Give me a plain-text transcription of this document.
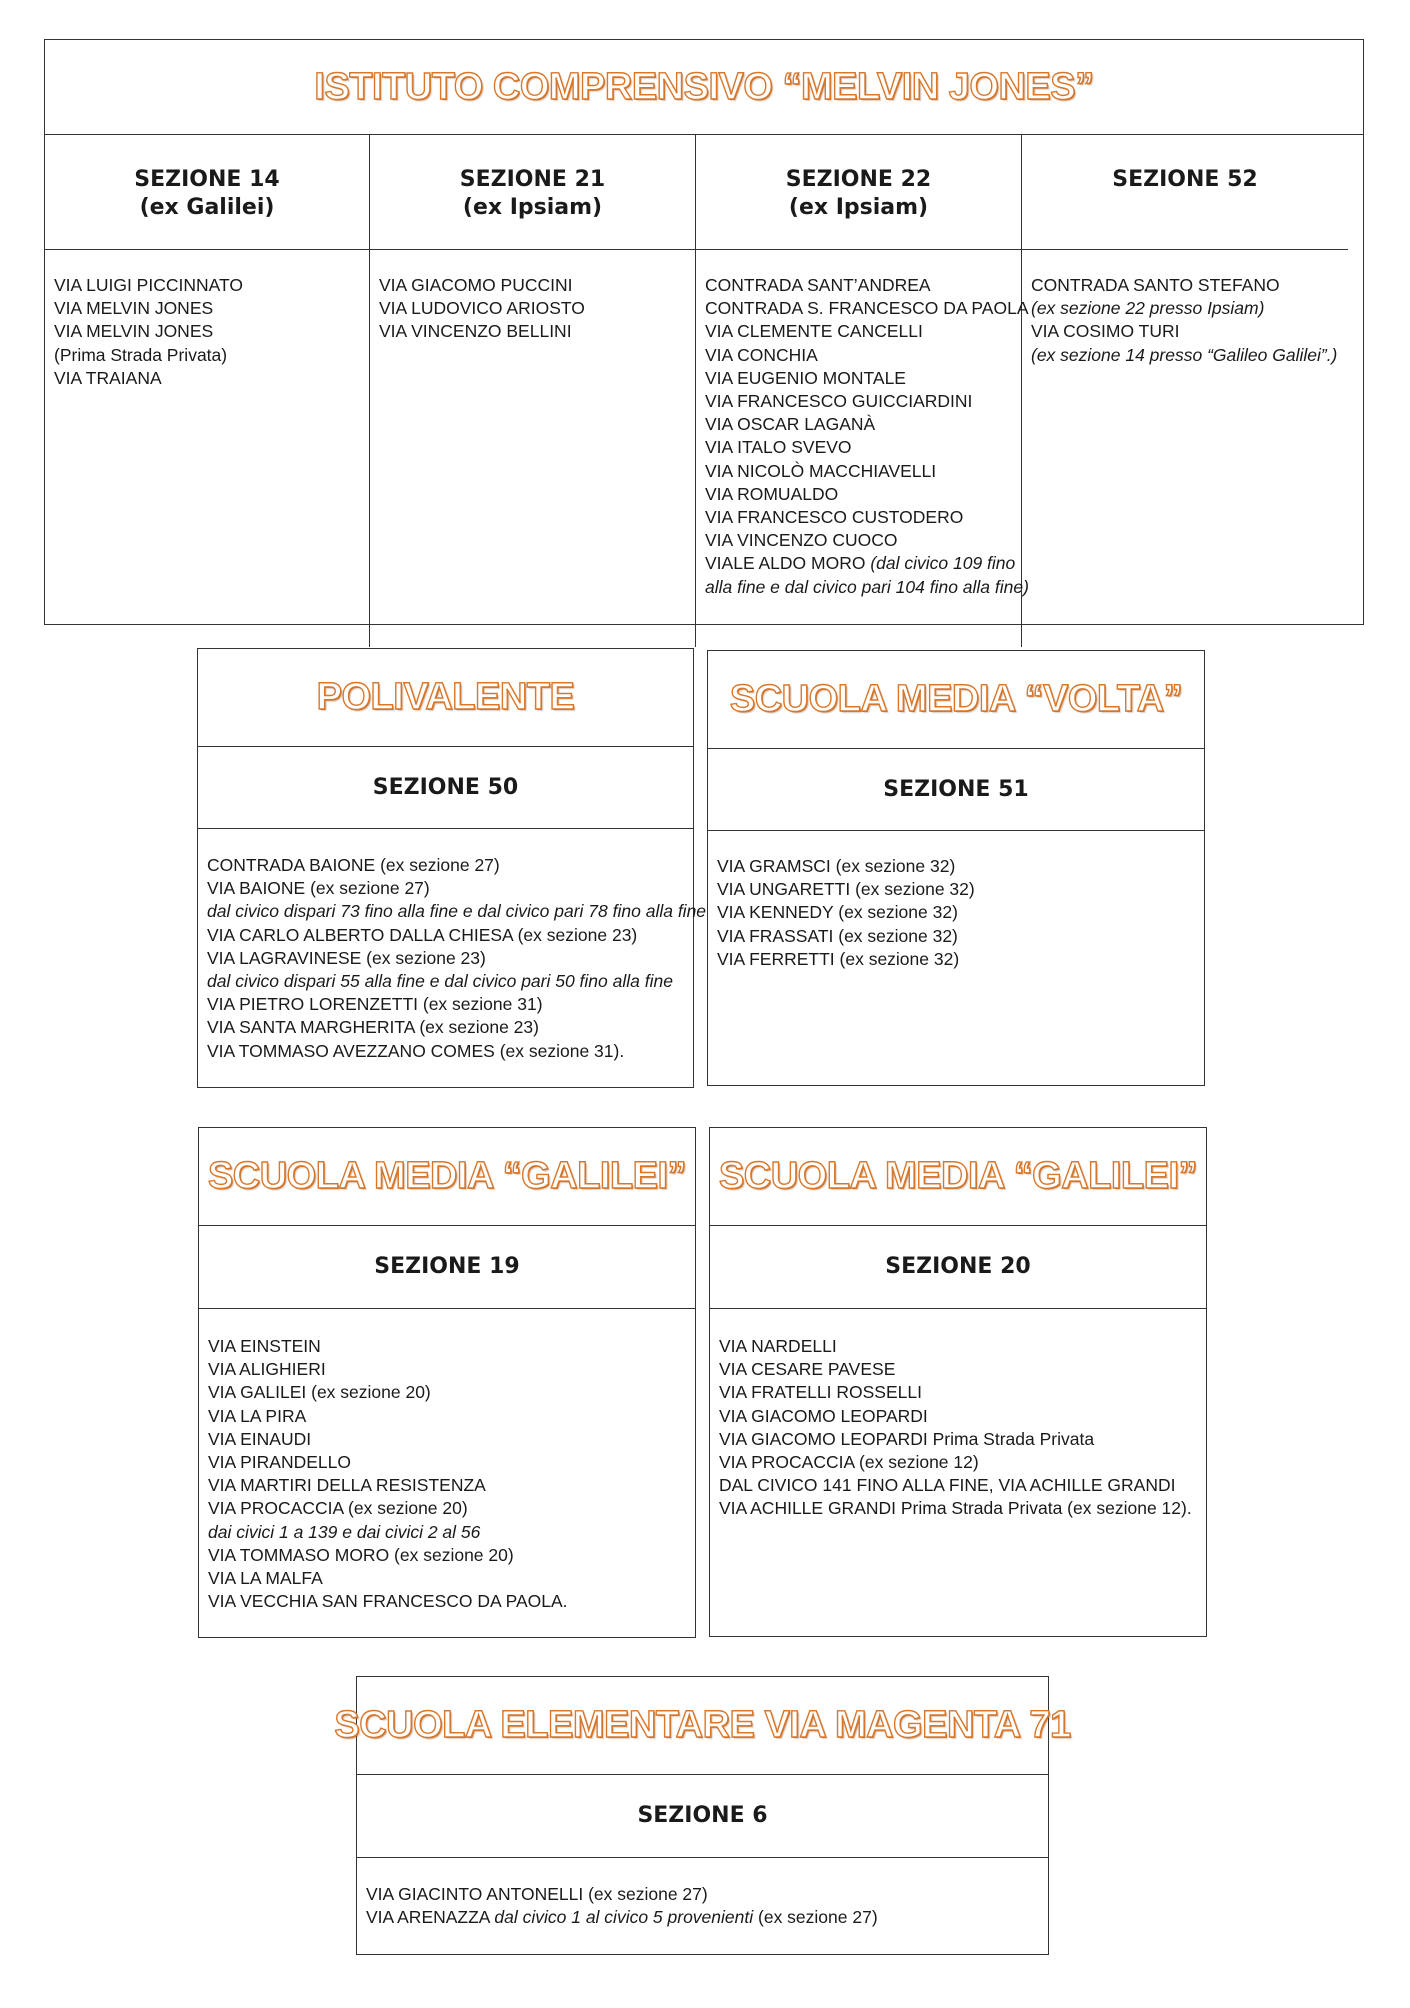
ISTITUTO COMPRENSIVO “MELVIN JONES”
SEZIONE 14
(ex Galilei)
VIA LUIGI PICCINNATO
VIA MELVIN JONES
VIA MELVIN JONES
(Prima Strada Privata)
VIA TRAIANA
SEZIONE 21
(ex Ipsiam)
VIA GIACOMO PUCCINI
VIA LUDOVICO ARIOSTO
VIA VINCENZO BELLINI
SEZIONE 22
(ex Ipsiam)
CONTRADA SANT’ANDREA
CONTRADA S. FRANCESCO DA PAOLA
VIA CLEMENTE CANCELLI
VIA CONCHIA
VIA EUGENIO MONTALE
VIA FRANCESCO GUICCIARDINI
VIA OSCAR LAGANÀ
VIA ITALO SVEVO
VIA NICOLÒ MACCHIAVELLI
VIA ROMUALDO
VIA FRANCESCO CUSTODERO
VIA VINCENZO CUOCO
VIALE ALDO MORO (dal civico 109 fino
alla fine e dal civico pari 104 fino alla fine)
SEZIONE 52
CONTRADA SANTO STEFANO
(ex sezione 22 presso Ipsiam)
VIA COSIMO TURI
(ex sezione 14 presso “Galileo Galilei”.)
POLIVALENTE
SEZIONE 50
CONTRADA BAIONE (ex sezione 27)
VIA BAIONE (ex sezione 27)
dal civico dispari 73 fino alla fine e dal civico pari 78 fino alla fine
VIA CARLO ALBERTO DALLA CHIESA (ex sezione 23)
VIA LAGRAVINESE (ex sezione 23)
dal civico dispari 55 alla fine e dal civico pari 50 fino alla fine
VIA PIETRO LORENZETTI (ex sezione 31)
VIA SANTA MARGHERITA (ex sezione 23)
VIA TOMMASO AVEZZANO COMES (ex sezione 31).
SCUOLA MEDIA “VOLTA”
SEZIONE 51
VIA GRAMSCI (ex sezione 32)
VIA UNGARETTI (ex sezione 32)
VIA KENNEDY (ex sezione 32)
VIA FRASSATI (ex sezione 32)
VIA FERRETTI (ex sezione 32)
SCUOLA MEDIA “GALILEI”
SEZIONE 19
VIA EINSTEIN
VIA ALIGHIERI
VIA GALILEI (ex sezione 20)
VIA LA PIRA
VIA EINAUDI
VIA PIRANDELLO
VIA MARTIRI DELLA RESISTENZA
VIA PROCACCIA (ex sezione 20)
dai civici 1 a 139 e dai civici 2 al 56
VIA TOMMASO MORO (ex sezione 20)
VIA LA MALFA
VIA VECCHIA SAN FRANCESCO DA PAOLA.
SCUOLA MEDIA “GALILEI”
SEZIONE 20
VIA NARDELLI
VIA CESARE PAVESE
VIA FRATELLI ROSSELLI
VIA GIACOMO LEOPARDI
VIA GIACOMO LEOPARDI Prima Strada Privata
VIA PROCACCIA (ex sezione 12)
DAL CIVICO 141 FINO ALLA FINE, VIA ACHILLE GRANDI
VIA ACHILLE GRANDI Prima Strada Privata (ex sezione 12).
SCUOLA ELEMENTARE VIA MAGENTA 71
SEZIONE 6
VIA GIACINTO ANTONELLI (ex sezione 27)
VIA ARENAZZA dal civico 1 al civico 5 provenienti (ex sezione 27)
